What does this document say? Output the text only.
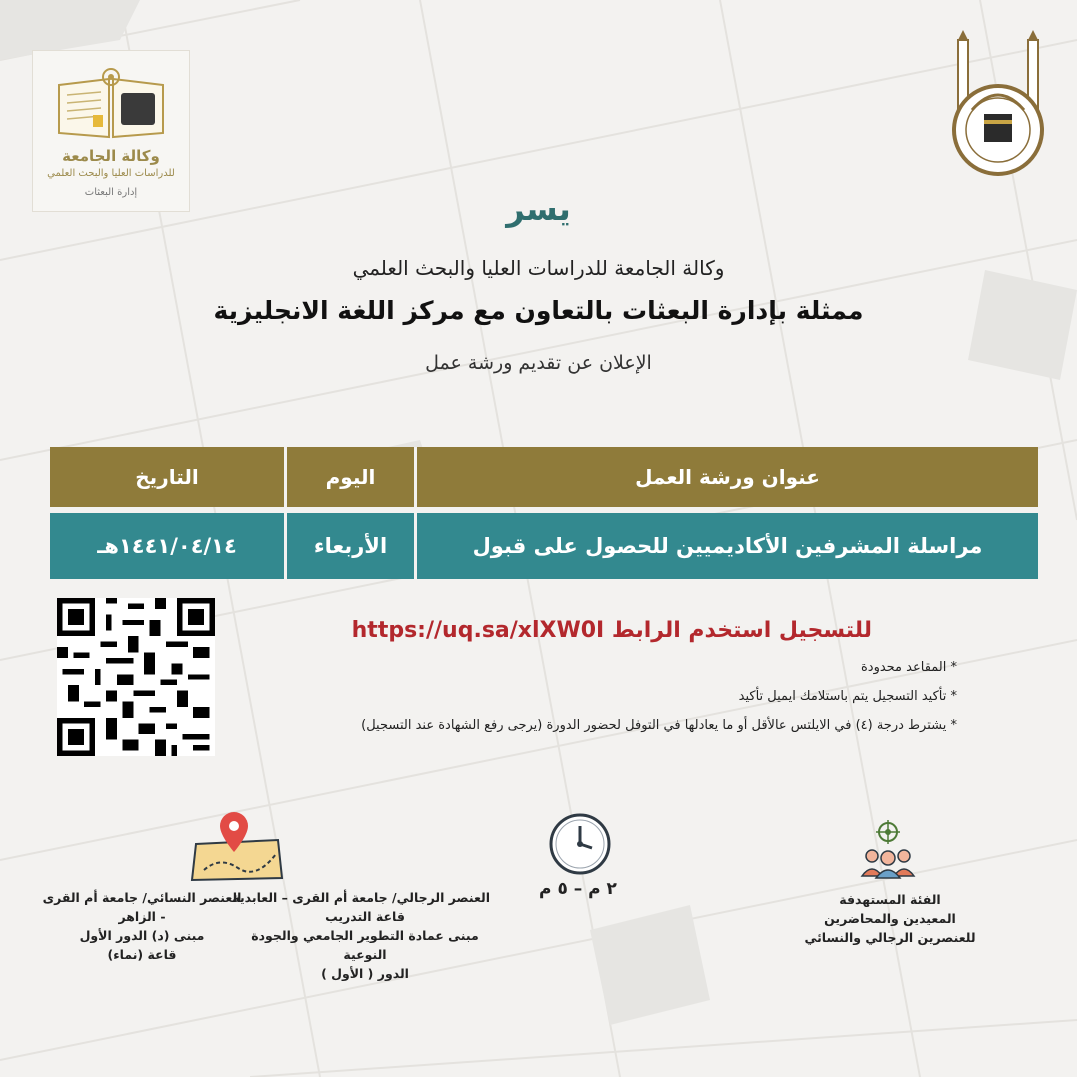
وكالة الجامعة
للدراسات العليا والبحث العلمي
إدارة البعثات	يسر
وكالة الجامعة للدراسات العليا والبحث العلمي
ممثلة بإدارة البعثات بالتعاون مع مركز اللغة الانجليزية
الإعلان عن تقديم ورشة عمل
عنوان ورشة العمل
اليوم
التاريخ
مراسلة المشرفين الأكاديميين للحصول على قبول
الأربعاء
١٤٤١/٠٤/١٤هـ
للتسجيل استخدم الرابط https://uq.sa/xlXW0I
* المقاعد محدودة
* تأكيد التسجيل يتم باستلامك ايميل تأكيد
* يشترط درجة (٤) في الايلتس عالأقل أو ما يعادلها في التوفل لحضور الدورة (يرجى رفع الشهادة عند التسجيل)
العنصر النسائي/ جامعة أم القرى
- الزاهر
مبنى (د) الدور الأول
قاعة (نماء)
العنصر الرجالي/ جامعة أم القرى – العابدية
قاعة التدريب
مبنى عمادة التطوير الجامعي والجودة
النوعية
الدور ( الأول )
٢ م – ٥ م
الفئة المستهدفة
المعيدين والمحاضرين
للعنصرين الرجالي والنسائي
